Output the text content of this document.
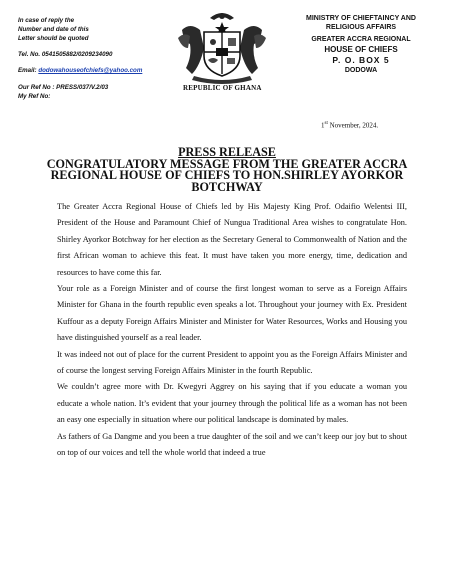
In case of reply the
Number and date of this
Letter should be quoted
Tel. No. 0541505882/0209234090
Email: dodowahouseofchiefs@yahoo.com
Our Ref No : PRESS/037/V.2/03
My Ref No:
REPUBLIC OF GHANA
MINISTRY OF CHIEFTAINCY AND
RELIGIOUS AFFAIRS
GREATER ACCRA REGIONAL
HOUSE OF CHIEFS
P. O. BOX 5
DODOWA
1st November, 2024.
PRESS RELEASE
CONGRATULATORY MESSAGE FROM THE GREATER ACCRA REGIONAL HOUSE OF CHIEFS TO HON.SHIRLEY AYORKOR BOTCHWAY

The Greater Accra Regional House of Chiefs led by His Majesty King Prof. Odaifio Welentsi III, President of the House and Paramount Chief of Nungua Traditional Area wishes to congratulate Hon. Shirley Ayorkor Botchway for her election as the Secretary General to Commonwealth of Nation and the first African woman to achieve this feat. It must have taken you more energy, time, dedication and resources to have come this far.

Your role as a Foreign Minister and of course the first longest woman to serve as a Foreign Affairs Minister for Ghana in the fourth republic even speaks a lot. Throughout your journey with Ex. President Kuffour as a deputy Foreign Affairs Minister and Minister for Water Resources, Works and Housing you have distinguished yourself as a real leader.

It was indeed not out of place for the current President to appoint you as the Foreign Affairs Minister and of course the longest serving Foreign Affairs Minister in the fourth Republic.

We couldn’t agree more with Dr. Kwegyri Aggrey on his saying that if you educate a woman you educate a whole nation. It’s evident that your journey through the political life as a woman has not been an easy one especially in situation where our political landscape is dominated by males.

As fathers of Ga Dangme and you been a true daughter of the soil and we can’t keep our joy but to shout on top of our voices and tell the whole world that indeed a true
